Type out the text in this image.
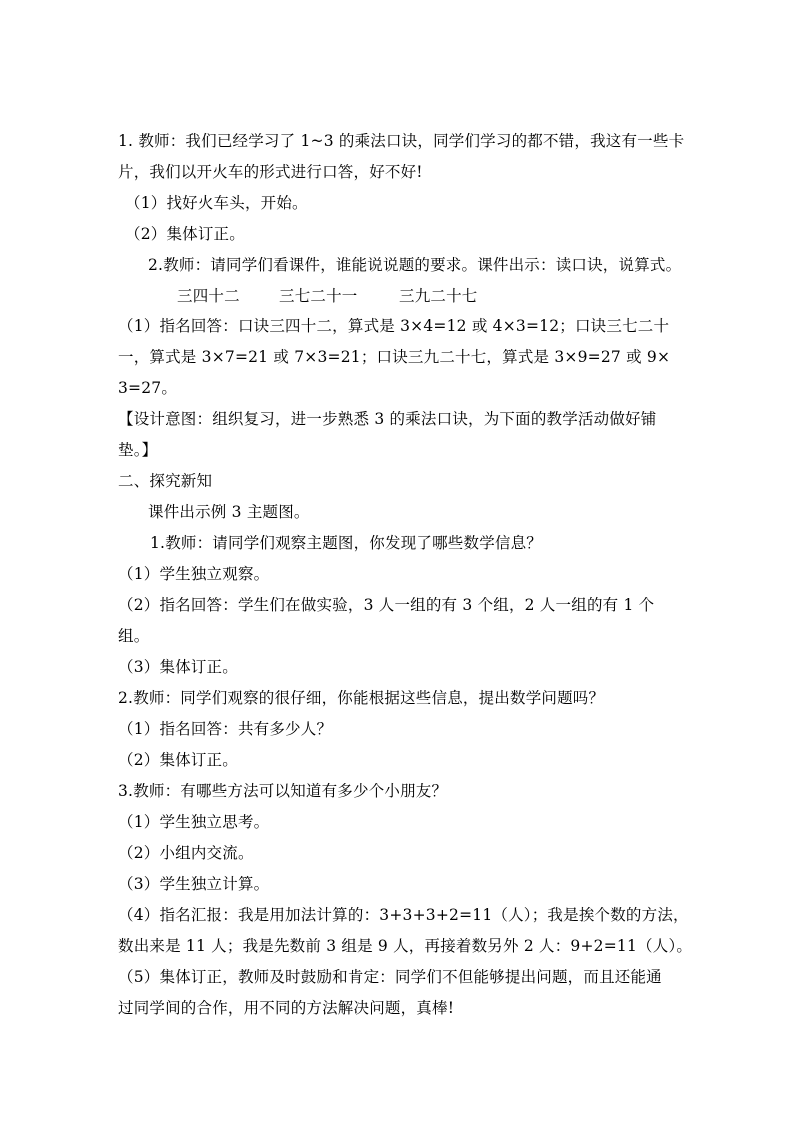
1. 教师：我们已经学习了 1~3 的乘法口诀，同学们学习的都不错，我这有一些卡
片，我们以开火车的形式进行口答，好不好!
（1）找好火车头，开始。
（2）集体订正。
2.教师：请同学们看课件，谁能说说题的要求。课件出示：读口诀，说算式。
三四十二	三七二十一	三九二十七
（1）指名回答：口诀三四十二，算式是 3×4=12 或 4×3=12；口诀三七二十
一，算式是 3×7=21 或 7×3=21；口诀三九二十七，算式是 3×9=27 或 9×
3=27。
【设计意图：组织复习，进一步熟悉 3 的乘法口诀，为下面的教学活动做好铺
垫。】
二、探究新知
课件出示例 3 主题图。
1.教师：请同学们观察主题图，你发现了哪些数学信息？
（1）学生独立观察。
（2）指名回答：学生们在做实验，3 人一组的有 3 个组，2 人一组的有 1 个
组。
（3）集体订正。
2.教师：同学们观察的很仔细，你能根据这些信息，提出数学问题吗？
（1）指名回答：共有多少人？
（2）集体订正。
3.教师：有哪些方法可以知道有多少个小朋友？
（1）学生独立思考。
（2）小组内交流。
（3）学生独立计算。
（4）指名汇报：我是用加法计算的：3+3+3+2=11（人）；我是挨个数的方法，
数出来是 11 人；我是先数前 3 组是 9 人，再接着数另外 2 人：9+2=11（人）。
（5）集体订正，教师及时鼓励和肯定：同学们不但能够提出问题，而且还能通
过同学间的合作，用不同的方法解决问题，真棒!
